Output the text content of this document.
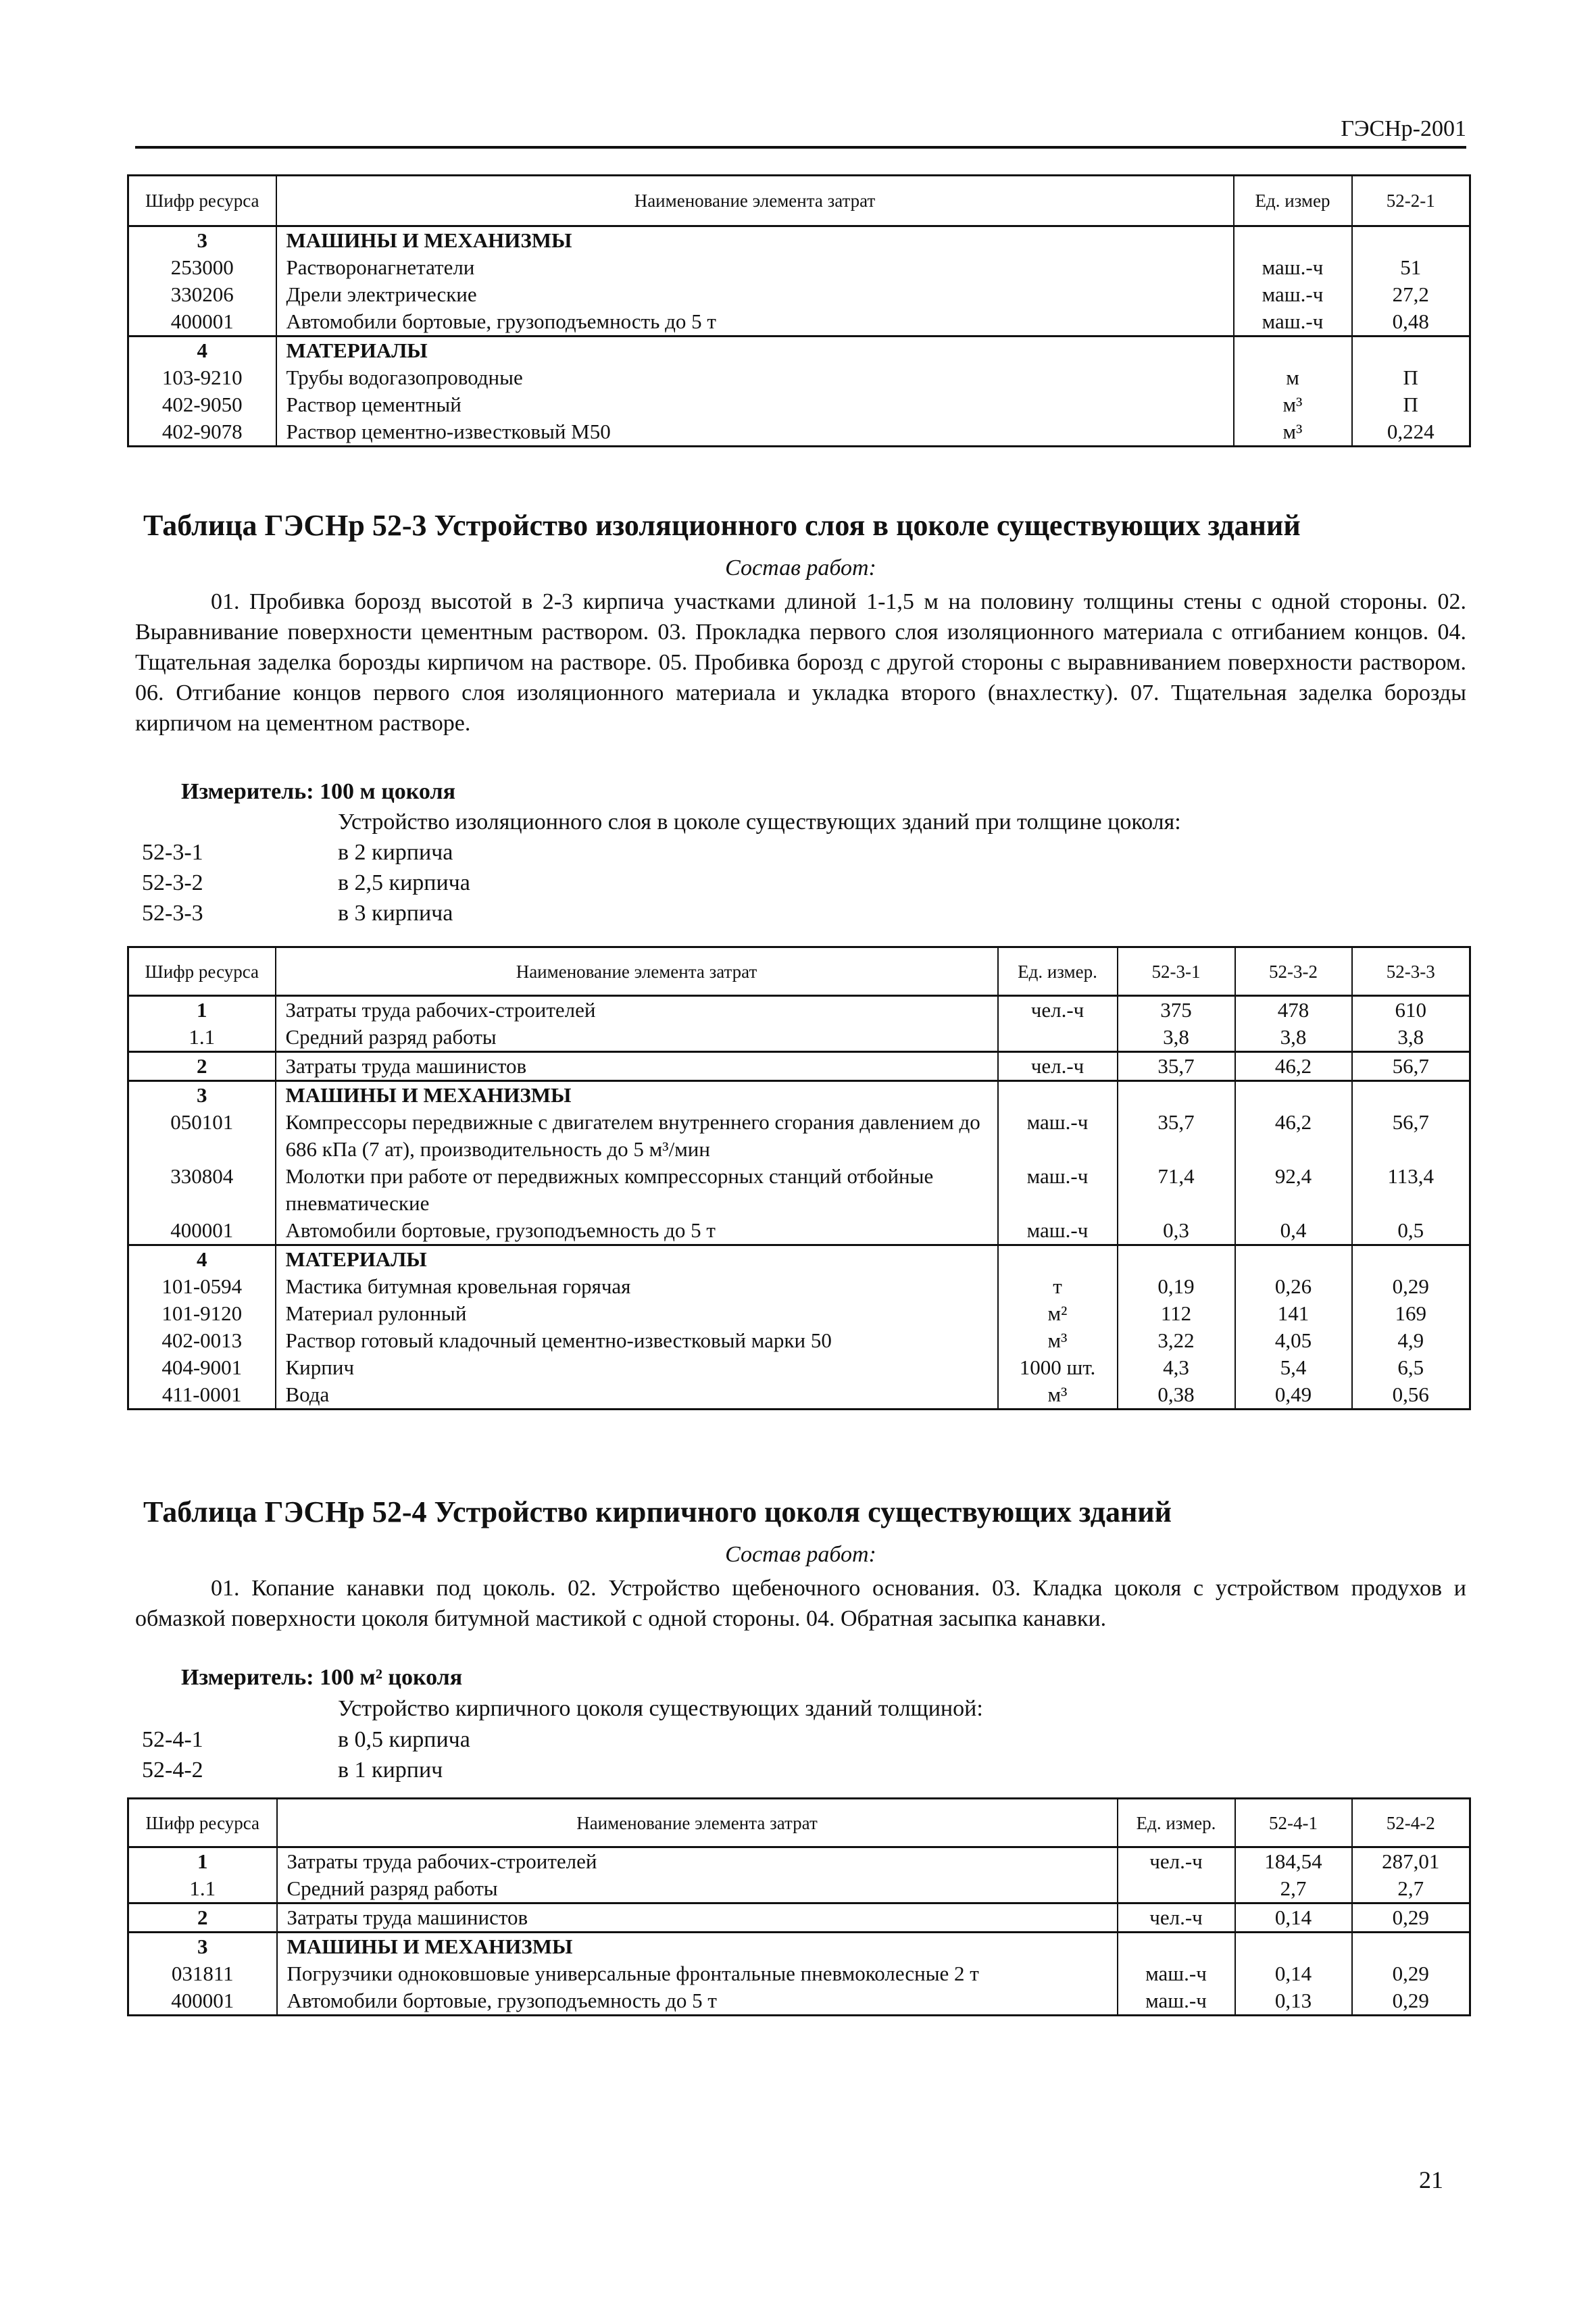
ГЭСНр-2001
Шифр ресурса	Наименование элемента затрат	Ед. измер	52-2-1
3	МАШИНЫ И МЕХАНИЗМЫ		
253000	Растворонагнетатели	маш.-ч	51
330206	Дрели электрические	маш.-ч	27,2
400001	Автомобили бортовые, грузоподъемность до 5 т	маш.-ч	0,48
4	МАТЕРИАЛЫ		
103-9210	Трубы водогазопроводные	м	П
402-9050	Раствор цементный	м³	П
402-9078	Раствор цементно-известковый М50	м³	0,224
Таблица ГЭСНр 52-3 Устройство изоляционного слоя в цоколе существующих зданий
Состав работ:
01. Пробивка борозд высотой в 2-3 кирпича участками длиной 1-1,5 м на половину толщины стены с одной стороны. 02. Выравнивание поверхности цементным раствором. 03. Прокладка первого слоя изоляционного материала с отгибанием концов. 04. Тщательная заделка борозды кирпичом на растворе. 05. Пробивка борозд с другой стороны с выравниванием поверхности раствором. 06. Отгибание концов первого слоя изоляционного материала и укладка второго (внахлестку). 07. Тщательная заделка борозды кирпичом на цементном растворе.
Измеритель: 100 м цоколя
Устройство изоляционного слоя в цоколе существующих зданий при толщине цоколя:
52-3-1	в 2 кирпича
52-3-2	в 2,5 кирпича
52-3-3	в 3 кирпича
Шифр ресурса	Наименование элемента затрат	Ед. измер.	52-3-1	52-3-2	52-3-3
1	Затраты труда рабочих-строителей	чел.-ч	375	478	610
1.1	Средний разряд работы		3,8	3,8	3,8
2	Затраты труда машинистов	чел.-ч	35,7	46,2	56,7
3	МАШИНЫ И МЕХАНИЗМЫ				
050101	Компрессоры передвижные с двигателем внутреннего сгорания давлением до 686 кПа (7 ат), производительность до 5 м³/мин	маш.-ч	35,7	46,2	56,7
330804	Молотки при работе от передвижных компрессорных станций отбойные пневматические	маш.-ч	71,4	92,4	113,4
400001	Автомобили бортовые, грузоподъемность до 5 т	маш.-ч	0,3	0,4	0,5
4	МАТЕРИАЛЫ				
101-0594	Мастика битумная кровельная горячая	т	0,19	0,26	0,29
101-9120	Материал рулонный	м²	112	141	169
402-0013	Раствор готовый кладочный цементно-известковый марки 50	м³	3,22	4,05	4,9
404-9001	Кирпич	1000 шт.	4,3	5,4	6,5
411-0001	Вода	м³	0,38	0,49	0,56
Таблица ГЭСНр 52-4 Устройство кирпичного цоколя существующих зданий
Состав работ:
01. Копание канавки под цоколь. 02. Устройство щебеночного основания. 03. Кладка цоколя с устройством продухов и обмазкой поверхности цоколя битумной мастикой с одной стороны. 04. Обратная засыпка канавки.
Измеритель: 100 м² цоколя
Устройство кирпичного цоколя существующих зданий толщиной:
52-4-1	в 0,5 кирпича
52-4-2	в 1 кирпич
Шифр ресурса	Наименование элемента затрат	Ед. измер.	52-4-1	52-4-2
1	Затраты труда рабочих-строителей	чел.-ч	184,54	287,01
1.1	Средний разряд работы		2,7	2,7
2	Затраты труда машинистов	чел.-ч	0,14	0,29
3	МАШИНЫ И МЕХАНИЗМЫ			
031811	Погрузчики одноковшовые универсальные фронтальные пневмоколесные 2 т	маш.-ч	0,14	0,29
400001	Автомобили бортовые, грузоподъемность до 5 т	маш.-ч	0,13	0,29
21
